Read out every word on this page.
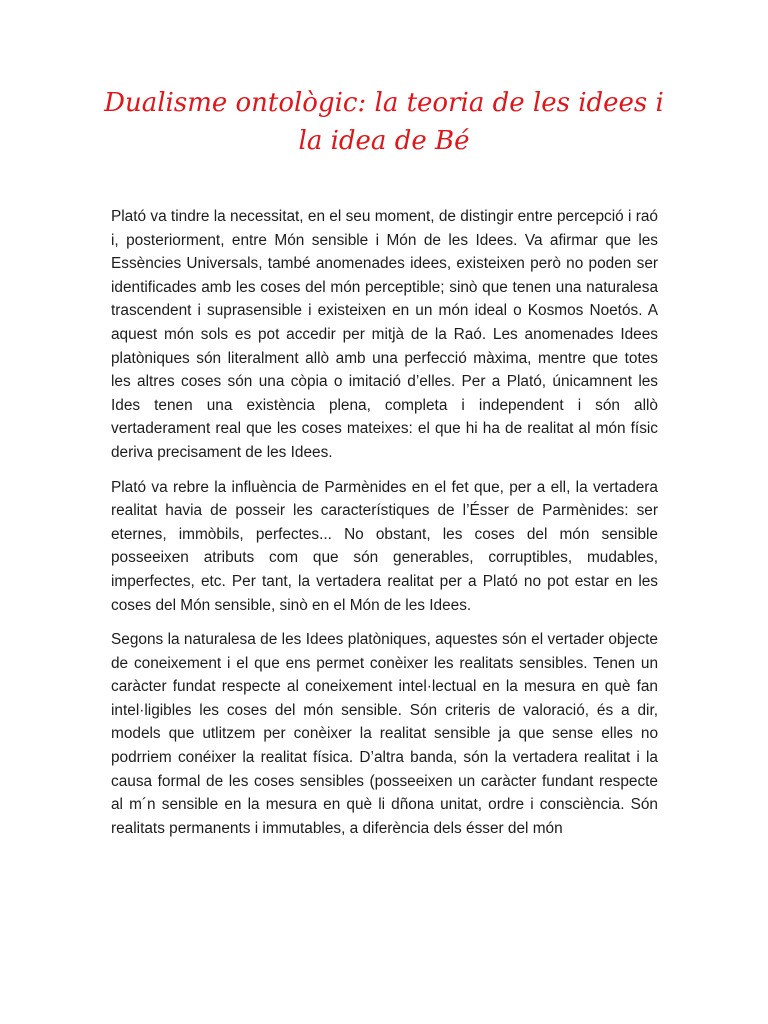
Dualisme ontològic: la teoria de les idees i la idea de Bé

Plató va tindre la necessitat, en el seu moment, de distingir entre percepció i raó i, posteriorment, entre Món sensible i Món de les Idees. Va afirmar que les Essències Universals, també anomenades idees, existeixen però no poden ser identificades amb les coses del món perceptible; sinò que tenen una naturalesa trascendent i suprasensible i existeixen en un món ideal o Kosmos Noetós. A aquest món sols es pot accedir per mitjà de la Raó. Les anomenades Idees platòniques són literalment allò amb una perfecció màxima, mentre que totes les altres coses són una còpia o imitació d’elles. Per a Plató, únicamnent les Ides tenen una existència plena, completa i independent i són allò vertaderament real que les coses mateixes: el que hi ha de realitat al món físic deriva precisament de les Idees.

Plató va rebre la influència de Parmènides en el fet que, per a ell, la vertadera realitat havia de posseir les característiques de l’Ésser de Parmènides: ser eternes, immòbils, perfectes... No obstant, les coses del món sensible posseeixen atributs com que són generables, corruptibles, mudables, imperfectes, etc. Per tant, la vertadera realitat per a Plató no pot estar en les coses del Món sensible, sinò en el Món de les Idees.

Segons la naturalesa de les Idees platòniques, aquestes són el vertader objecte de coneixement i el que ens permet conèixer les realitats sensibles. Tenen un caràcter fundat respecte al coneixement intel·lectual en la mesura en què fan intel·ligibles les coses del món sensible. Són criteris de valoració, és a dir, models que utlitzem per conèixer la realitat sensible ja que sense elles no podrriem conéixer la realitat física. D’altra banda, són la vertadera realitat i la causa formal de les coses sensibles (posseeixen un caràcter fundant respecte al m´n sensible en la mesura en què li dñona unitat, ordre i consciència. Són realitats permanents i immutables, a diferència dels ésser del món
